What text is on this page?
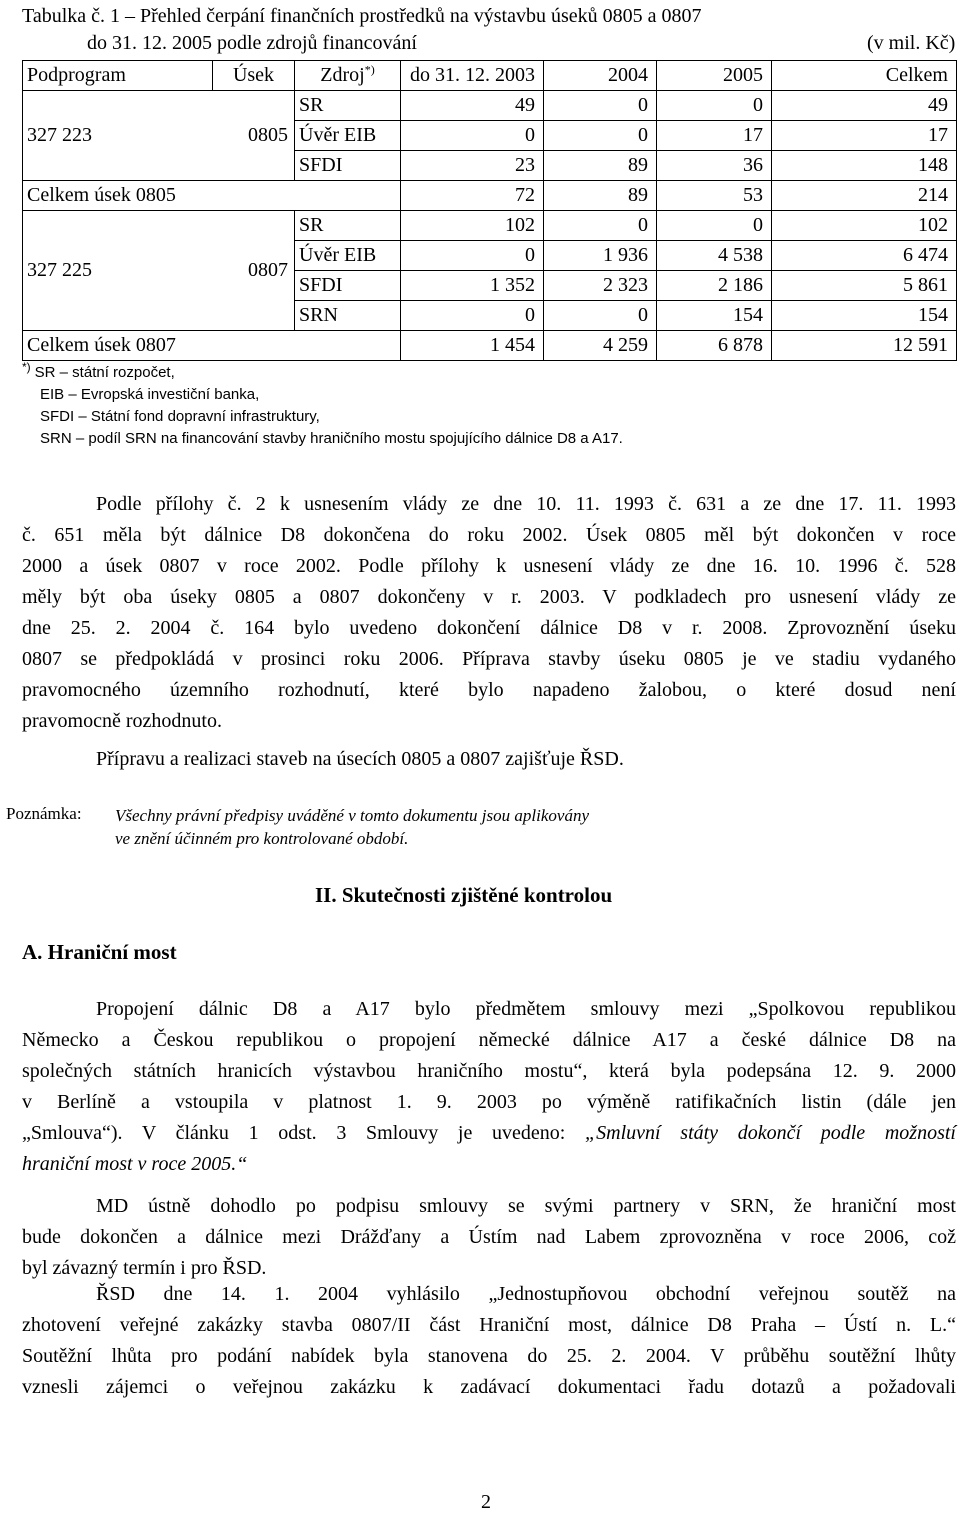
Tabulka č. 1 – Přehled čerpání finančních prostředků na výstavbu úseků 0805 a 0807
do 31. 12. 2005 podle zdrojů financování	(v mil. Kč)
Podprogram	Úsek	Zdroj*)	do 31. 12. 2003	2004	2005	Celkem
327 223	0805	SR	49	0	0	49
		Úvěr EIB	0	0	17	17
		SFDI	23	89	36	148
Celkem úsek 0805			72	89	53	214
327 225	0807	SR	102	0	0	102
		Úvěr EIB	0	1 936	4 538	6 474
		SFDI	1 352	2 323	2 186	5 861
		SRN	0	0	154	154
Celkem úsek 0807			1 454	4 259	6 878	12 591
*) SR – státní rozpočet,
EIB – Evropská investiční banka,
SFDI – Státní fond dopravní infrastruktury,
SRN – podíl SRN na financování stavby hraničního mostu spojujícího dálnice D8 a A17.
Podle přílohy č. 2 k usnesením vlády ze dne 10. 11. 1993 č. 631 a ze dne 17. 11. 1993
č. 651 měla být dálnice D8 dokončena do roku 2002. Úsek 0805 měl být dokončen v roce
2000 a úsek 0807 v roce 2002. Podle přílohy k usnesení vlády ze dne 16. 10. 1996 č. 528
měly být oba úseky 0805 a 0807 dokončeny v r. 2003. V podkladech pro usnesení vlády ze
dne 25. 2. 2004 č. 164 bylo uvedeno dokončení dálnice D8 v r. 2008. Zprovoznění úseku
0807 se předpokládá v prosinci roku 2006. Příprava stavby úseku 0805 je ve stadiu vydaného
pravomocného územního rozhodnutí, které bylo napadeno žalobou, o které dosud není
pravomocně rozhodnuto.
Přípravu a realizaci staveb na úsecích 0805 a 0807 zajišťuje ŘSD.
Poznámka: Všechny právní předpisy uváděné v tomto dokumentu jsou aplikovány
ve znění účinném pro kontrolované období.
II. Skutečnosti zjištěné kontrolou
A. Hraniční most
Propojení dálnic D8 a A17 bylo předmětem smlouvy mezi „Spolkovou republikou
Německo a Českou republikou o propojení německé dálnice A17 a české dálnice D8 na
společných státních hranicích výstavbou hraničního mostu“, která byla podepsána 12. 9. 2000
v Berlíně a vstoupila v platnost 1. 9. 2003 po výměně ratifikačních listin (dále jen
„Smlouva“). V článku 1 odst. 3 Smlouvy je uvedeno: „Smluvní státy dokončí podle možností
hraniční most v roce 2005.“
MD ústně dohodlo po podpisu smlouvy se svými partnery v SRN, že hraniční most
bude dokončen a dálnice mezi Drážďany a Ústím nad Labem zprovozněna v roce 2006, což
byl závazný termín i pro ŘSD.
ŘSD dne 14. 1. 2004 vyhlásilo „Jednostupňovou obchodní veřejnou soutěž na
zhotovení veřejné zakázky stavba 0807/II část Hraniční most, dálnice D8 Praha – Ústí n. L.“
Soutěžní lhůta pro podání nabídek byla stanovena do 25. 2. 2004. V průběhu soutěžní lhůty
vznesli zájemci o veřejnou zakázku k zadávací dokumentaci řadu dotazů a požadovali
2
